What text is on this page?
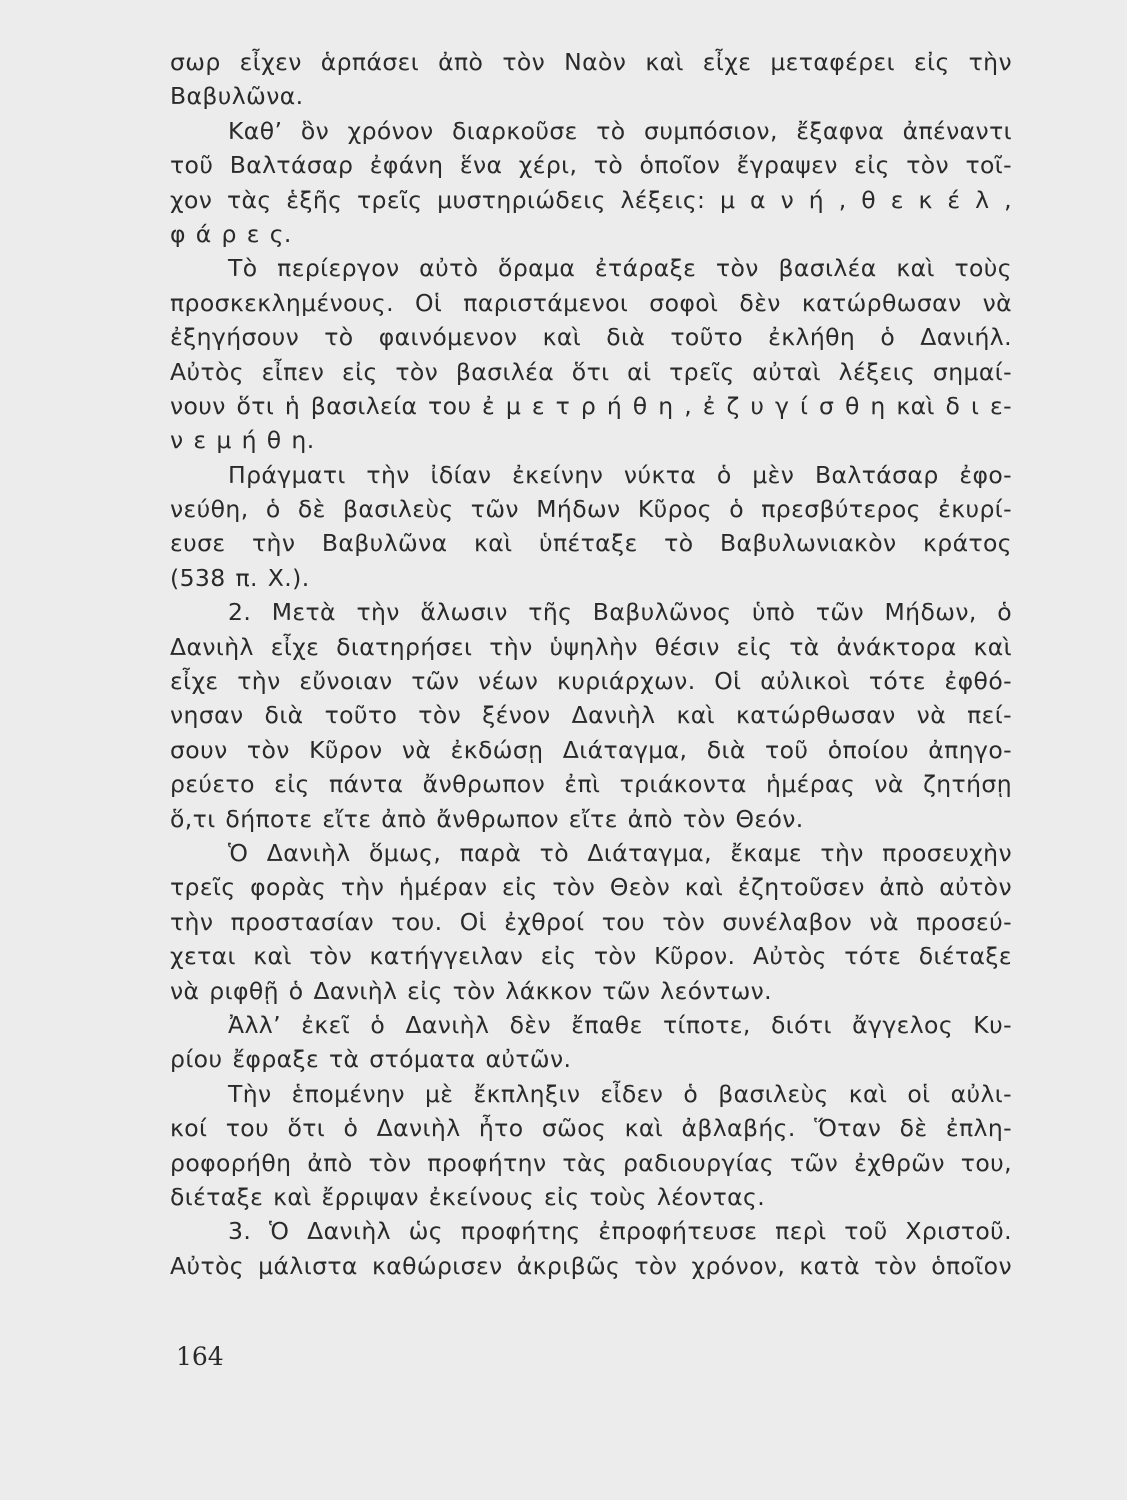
σωρ εἶχεν ἁρπάσει ἀπὸ τὸν Ναὸν καὶ εἶχε μεταφέρει εἰς τὴν
Βαβυλῶνα.
Καθ’ ὃν χρόνον διαρκοῦσε τὸ συμπόσιον, ἔξαφνα ἀπέναντι
τοῦ Βαλτάσαρ ἐφάνη ἕνα χέρι, τὸ ὁποῖον ἔγραψεν εἰς τὸν τοῖ-
χον τὰς ἑξῆς τρεῖς μυστηριώδεις λέξεις: μ α ν ή , θ ε κ έ λ ,
φ ά ρ ε ς.
Τὸ περίεργον αὐτὸ ὅραμα ἐτάραξε τὸν βασιλέα καὶ τοὺς
προσκεκλημένους. Οἱ παριστάμενοι σοφοὶ δὲν κατώρθωσαν νὰ
ἐξηγήσουν τὸ φαινόμενον καὶ διὰ τοῦτο ἐκλήθη ὁ Δανιήλ.
Αὐτὸς εἶπεν εἰς τὸν βασιλέα ὅτι αἱ τρεῖς αὐταὶ λέξεις σημαί-
νουν ὅτι ἡ βασιλεία του ἐ μ ε τ ρ ή θ η , ἐ ζ υ γ ί σ θ η καὶ δ ι ε-
ν ε μ ή θ η.
Πράγματι τὴν ἰδίαν ἐκείνην νύκτα ὁ μὲν Βαλτάσαρ ἐφο-
νεύθη, ὁ δὲ βασιλεὺς τῶν Μήδων Κῦρος ὁ πρεσβύτερος ἐκυρί-
ευσε τὴν Βαβυλῶνα καὶ ὑπέταξε τὸ Βαβυλωνιακὸν κράτος
(538 π. Χ.).
2. Μετὰ τὴν ἅλωσιν τῆς Βαβυλῶνος ὑπὸ τῶν Μήδων, ὁ
Δανιὴλ εἶχε διατηρήσει τὴν ὑψηλὴν θέσιν εἰς τὰ ἀνάκτορα καὶ
εἶχε τὴν εὔνοιαν τῶν νέων κυριάρχων. Οἱ αὐλικοὶ τότε ἐφθό-
νησαν διὰ τοῦτο τὸν ξένον Δανιὴλ καὶ κατώρθωσαν νὰ πεί-
σουν τὸν Κῦρον νὰ ἐκδώσῃ Διάταγμα, διὰ τοῦ ὁποίου ἀπηγο-
ρεύετο εἰς πάντα ἄνθρωπον ἐπὶ τριάκοντα ἡμέρας νὰ ζητήσῃ
ὅ,τι δήποτε εἴτε ἀπὸ ἄνθρωπον εἴτε ἀπὸ τὸν Θεόν.
Ὁ Δανιὴλ ὅμως, παρὰ τὸ Διάταγμα, ἔκαμε τὴν προσευχὴν
τρεῖς φορὰς τὴν ἡμέραν εἰς τὸν Θεὸν καὶ ἐζητοῦσεν ἀπὸ αὐτὸν
τὴν προστασίαν του. Οἱ ἐχθροί του τὸν συνέλαβον νὰ προσεύ-
χεται καὶ τὸν κατήγγειλαν εἰς τὸν Κῦρον. Αὐτὸς τότε διέταξε
νὰ ριφθῇ ὁ Δανιὴλ εἰς τὸν λάκκον τῶν λεόντων.
Ἀλλ’ ἐκεῖ ὁ Δανιὴλ δὲν ἔπαθε τίποτε, διότι ἄγγελος Κυ-
ρίου ἔφραξε τὰ στόματα αὐτῶν.
Τὴν ἑπομένην μὲ ἔκπληξιν εἶδεν ὁ βασιλεὺς καὶ οἱ αὐλι-
κοί του ὅτι ὁ Δανιὴλ ἦτο σῶος καὶ ἀβλαβής. Ὅταν δὲ ἐπλη-
ροφορήθη ἀπὸ τὸν προφήτην τὰς ραδιουργίας τῶν ἐχθρῶν του,
διέταξε καὶ ἔρριψαν ἐκείνους εἰς τοὺς λέοντας.
3. Ὁ Δανιὴλ ὡς προφήτης ἐπροφήτευσε περὶ τοῦ Χριστοῦ.
Αὐτὸς μάλιστα καθώρισεν ἀκριβῶς τὸν χρόνον, κατὰ τὸν ὁποῖον
164
